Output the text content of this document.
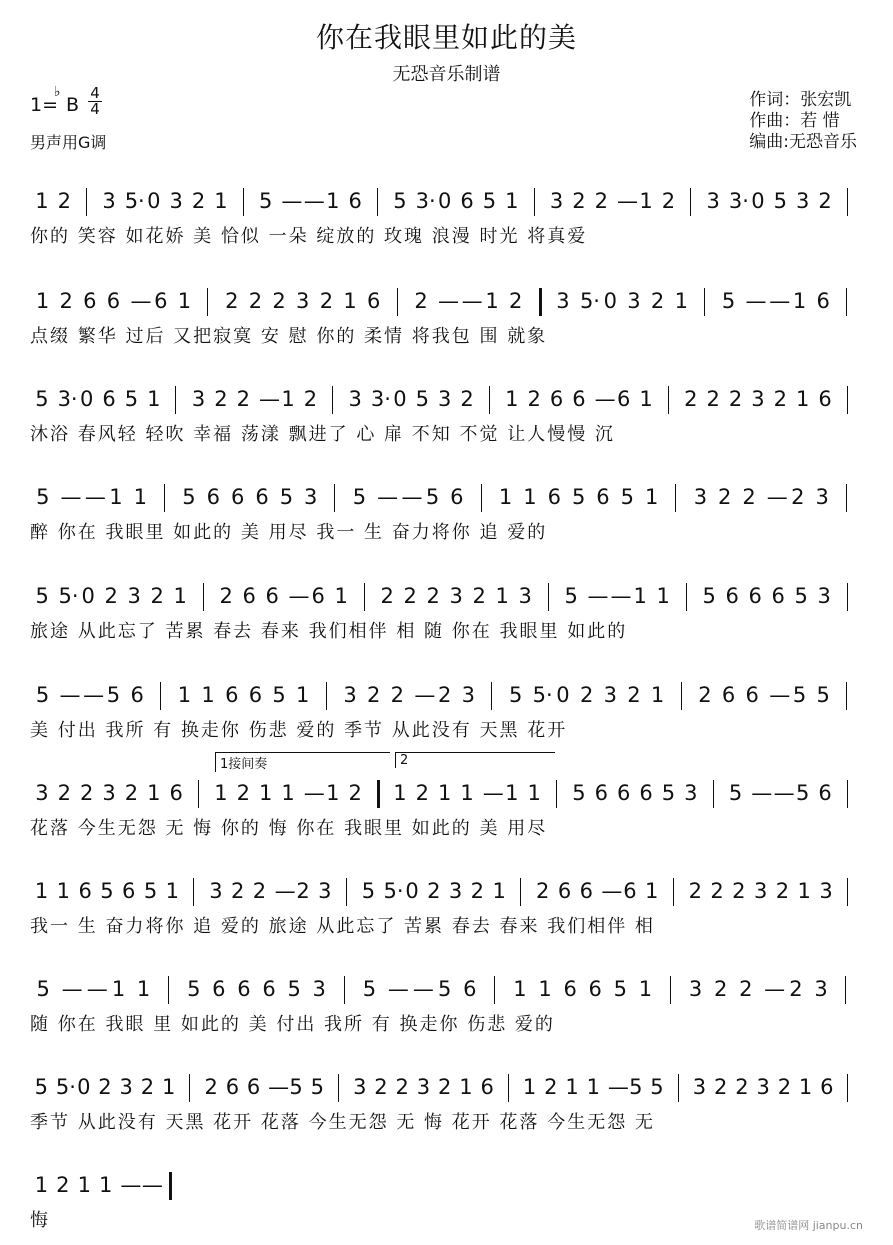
你在我眼里如此的美
无恐音乐制谱
1= B
♭ 4
4
男声用G调
作词：张宏凯
作曲：若 惜
编曲:无恐音乐
1接间奏	2
1 2 3 5· 0 3 2 1 5 — — 1 6 5 3· 0 6 5 1 3 2 2 — 1 2 3 3· 0 5 3 2
你的 笑容 如花娇 美 恰似 一朵 绽放的 玫瑰 浪漫 时光 将真爱
1 2 6 6 — 6 1 2 2 2 3 2 1 6 2 — — 1 2 3 5· 0 3 2 1 5 — — 1 6
点缀 繁华 过后 又把寂寞 安 慰 你的 柔情 将我包 围 就象
5 3· 0 6 5 1 3 2 2 — 1 2 3 3· 0 5 3 2 1 2 6 6 — 6 1 2 2 2 3 2 1 6
沐浴 春风轻 轻吹 幸福 荡漾 飘进了 心 扉 不知 不觉 让人慢慢 沉
5 — — 1 1 5 6 6 6 5 3 5 — — 5 6 1 1 6 5 6 5 1 3 2 2 — 2 3
醉 你在 我眼里 如此的 美 用尽 我一 生 奋力将你 追 爱的
5 5· 0 2 3 2 1 2 6 6 — 6 1 2 2 2 3 2 1 3 5 — — 1 1 5 6 6 6 5 3
旅途 从此忘了 苦累 春去 春来 我们相伴 相 随 你在 我眼里 如此的
5 — — 5 6 1 1 6 6 5 1 3 2 2 — 2 3 5 5· 0 2 3 2 1 2 6 6 — 5 5
美 付出 我所 有 换走你 伤悲 爱的 季节 从此没有 天黑 花开
3 2 2 3 2 1 6 1 2 1 1 — 1 2 1 2 1 1 — 1 1 5 6 6 6 5 3 5 — — 5 6
花落 今生无怨 无 悔 你的 悔 你在 我眼里 如此的 美 用尽
1 1 6 5 6 5 1 3 2 2 — 2 3 5 5· 0 2 3 2 1 2 6 6 — 6 1 2 2 2 3 2 1 3
我一 生 奋力将你 追 爱的 旅途 从此忘了 苦累 春去 春来 我们相伴 相
5 — — 1 1 5 6 6 6 5 3 5 — — 5 6 1 1 6 6 5 1 3 2 2 — 2 3
随 你在 我眼 里 如此的 美 付出 我所 有 换走你 伤悲 爱的
5 5· 0 2 3 2 1 2 6 6 — 5 5 3 2 2 3 2 1 6 1 2 1 1 — 5 5 3 2 2 3 2 1 6
季节 从此没有 天黑 花开 花落 今生无怨 无 悔 花开 花落 今生无怨 无
1 2 1 1 — —
悔	歌谱简谱网 jianpu.cn
